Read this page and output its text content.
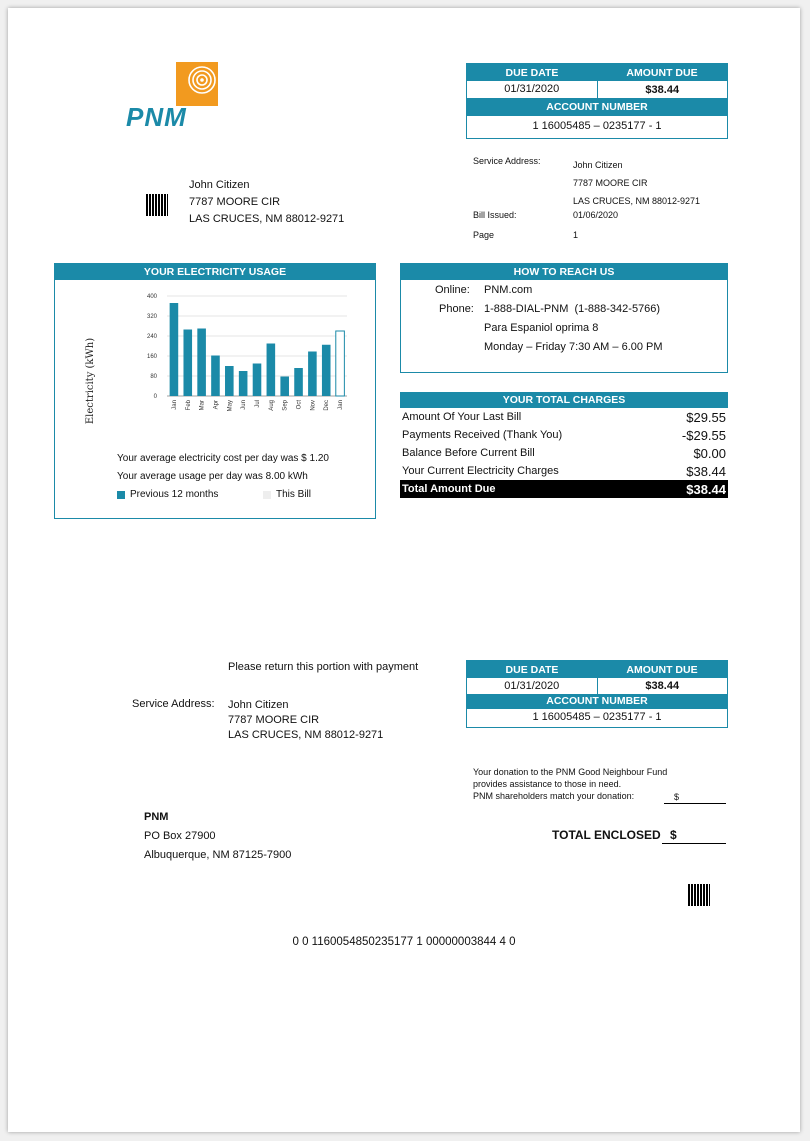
PNM
DUE DATE	AMOUNT DUE
01/31/2020	$38.44
ACCOUNT NUMBER
1 16005485 – 0235177 - 1
John Citizen
7787 MOORE CIR
LAS CRUCES, NM 88012-9271
Service Address:	John Citizen
7787 MOORE CIR
LAS CRUCES, NM 88012-9271
Bill Issued:	01/06/2020
Page	1
YOUR ELECTRICITY USAGE
Electricity (kWh)	0
80
160
240
320
400
Jan Feb Mar Apr May Jun Jul Aug Sep Oct Nov Dec Jan
Your average electricity cost per day was $ 1.20
Your average usage per day was 8.00 kWh
Previous 12 months	This Bill
HOW TO REACH US
Online: PNM.com
Phone: 1-888-DIAL-PNM  (1-888-342-5766)
Para Espaniol oprima 8
Monday – Friday 7:30 AM – 6.00 PM
YOUR TOTAL CHARGES
Amount Of Your Last Bill	$29.55
Payments Received (Thank You)	-$29.55
Balance Before Current Bill	$0.00
Your Current Electricity Charges	$38.44
Total Amount Due	$38.44
Please return this portion with payment
Service Address: John Citizen
7787 MOORE CIR
LAS CRUCES, NM 88012-9271
DUE DATE	AMOUNT DUE
01/31/2020	$38.44
ACCOUNT NUMBER
1 16005485 – 0235177 - 1
Your donation to the PNM Good Neighbour Fund
provides assistance to those in need.
PNM shareholders match your donation:	$
TOTAL ENCLOSED $
PNM
PO Box 27900
Albuquerque, NM 87125-7900
0 0 1160054850235177 1 00000003844 4 0
